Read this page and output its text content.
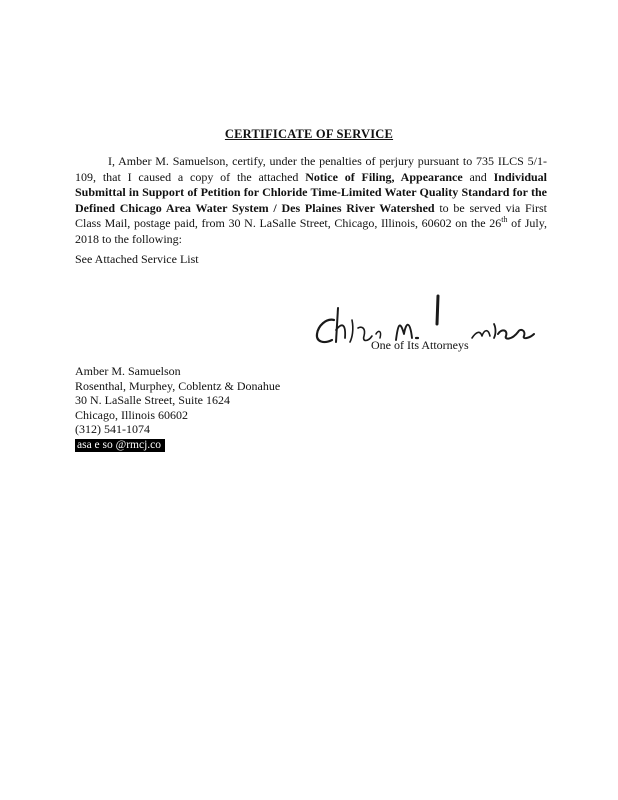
CERTIFICATE OF SERVICE
I, Amber M. Samuelson, certify, under the penalties of perjury pursuant to 735 ILCS 5/1-109, that I caused a copy of the attached Notice of Filing, Appearance and Individual Submittal in Support of Petition for Chloride Time-Limited Water Quality Standard for the Defined Chicago Area Water System / Des Plaines River Watershed to be served via First Class Mail, postage paid, from 30 N. LaSalle Street, Chicago, Illinois, 60602 on the 26th of July, 2018 to the following:
See Attached Service List
One of Its Attorneys
Amber M. Samuelson
Rosenthal, Murphey, Coblentz & Donahue
30 N. LaSalle Street, Suite 1624
Chicago, Illinois 60602
(312) 541-1074
asa e so @rmcj.co
